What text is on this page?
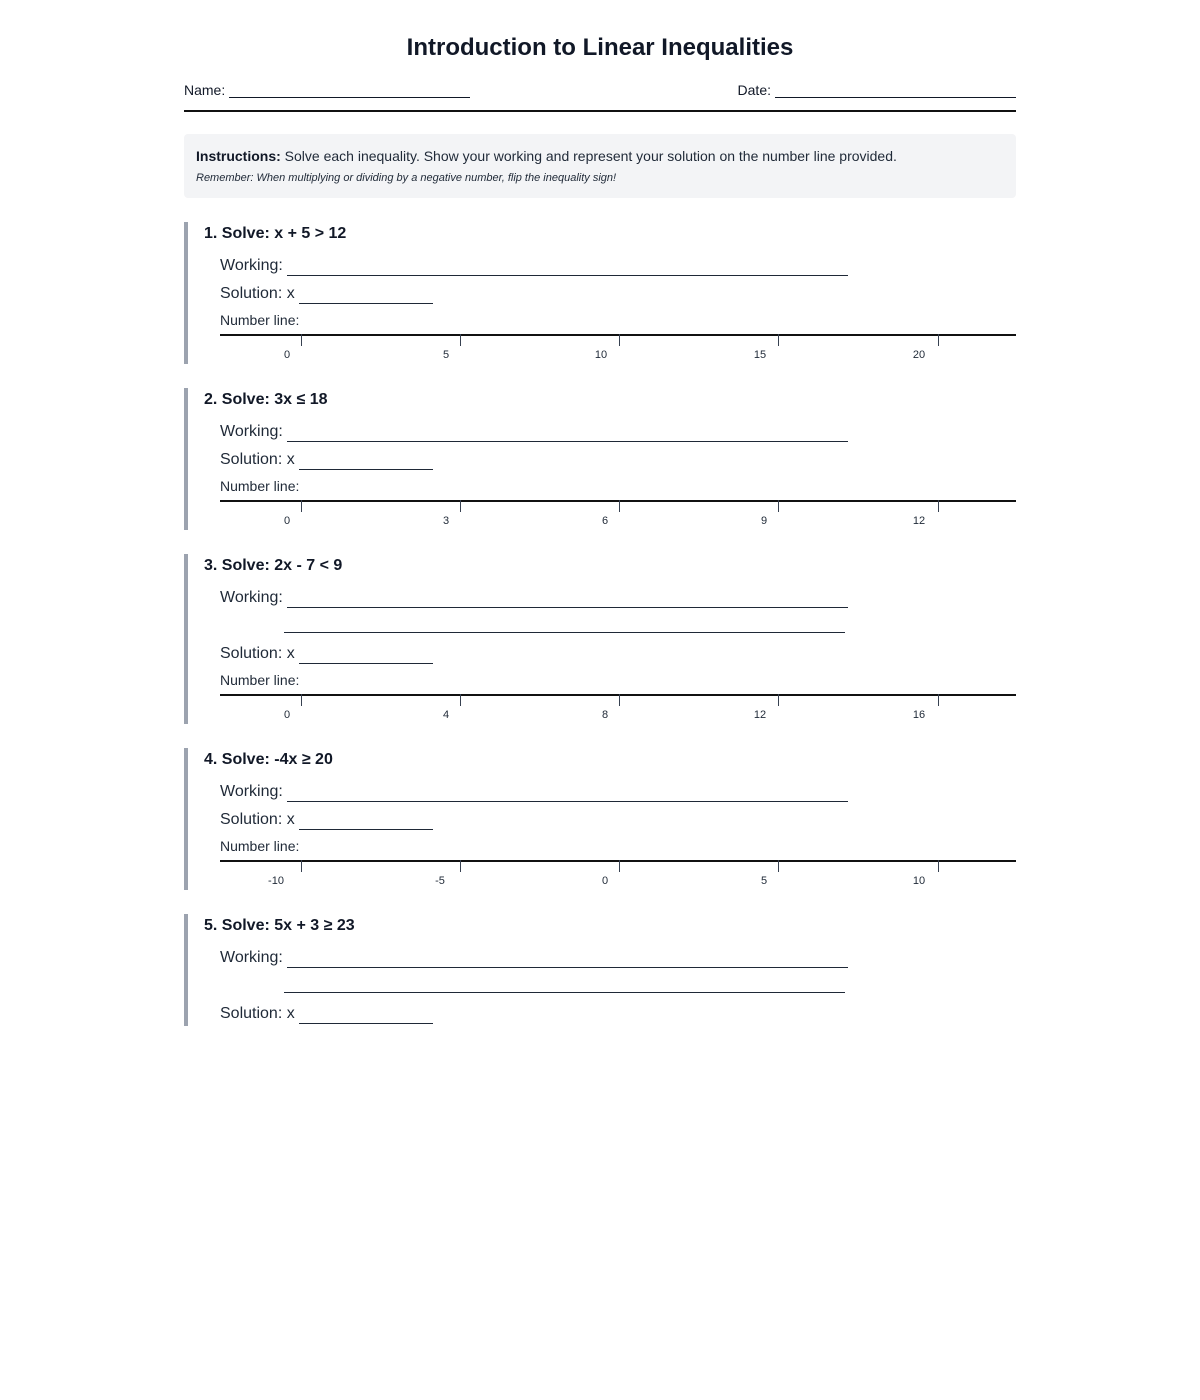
Introduction to Linear Inequalities
Name:	Date:

Instructions: Solve each inequality. Show your working and represent your solution on the number line provided.

Remember: When multiplying or dividing by a negative number, flip the inequality sign!
1. Solve: x + 5 > 12
Working:
Solution: x
Number line:
0	5	10	15	20
2. Solve: 3x ≤ 18
Working:
Solution: x
Number line:
0	3	6	9	12
3. Solve: 2x - 7 < 9
Working:
Solution: x
Number line:
0	4	8	12	16
4. Solve: -4x ≥ 20
Working:
Solution: x
Number line:
-10	-5	0	5	10
5. Solve: 5x + 3 ≥ 23
Working:
Solution: x
